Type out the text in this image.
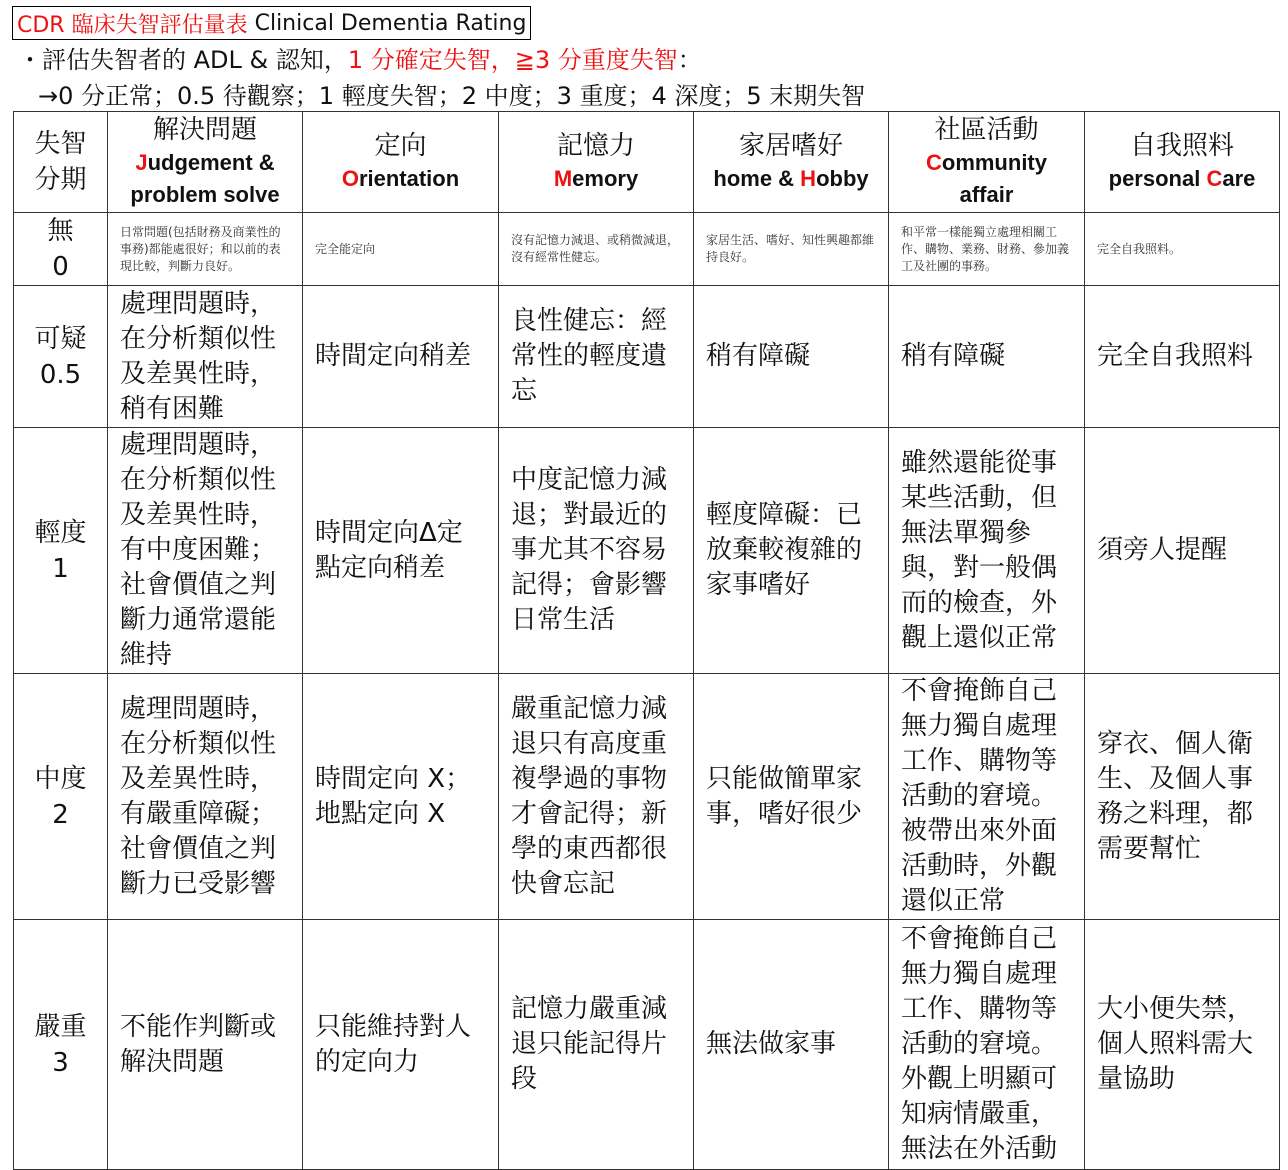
CDR 臨床失智評估量表
Clinical Dementia Rating
・評估失智者的 ADL & 認知，1 分確定失智，≧3 分重度失智：
→0 分正常；0.5 待觀察；1 輕度失智；2 中度；3 重度；4 深度；5 末期失智
失智
分期	解決問題
Judgement &
problem solve	定向
Orientation	記憶力
Memory	家居嗜好
home & Hobby	社區活動
Community
affair	自我照料
personal Care

無
0	日常問題(包括財務及商業性的事務)都能處很好；和以前的表現比較，判斷力良好。	完全能定向	沒有記憶力減退、或稍微減退，沒有經常性健忘。	家居生活、嗜好、知性興趣都維持良好。	和平常一樣能獨立處理相關工作、購物、業務、財務、參加義工及社團的事務。	完全自我照料。

可疑
0.5	處理問題時，在分析類似性及差異性時，稍有困難	時間定向稍差	良性健忘：經常性的輕度遺忘	稍有障礙	稍有障礙	完全自我照料

輕度
1	處理問題時，在分析類似性及差異性時，有中度困難；社會價值之判斷力通常還能維持	時間定向Δ定點定向稍差	中度記憶力減退；對最近的事尤其不容易記得；會影響日常生活	輕度障礙：已放棄較複雜的家事嗜好	雖然還能從事某些活動，但無法單獨參與，對一般偶而的檢查，外觀上還似正常	須旁人提醒

中度
2	處理問題時，在分析類似性及差異性時，有嚴重障礙；社會價值之判斷力已受影響	時間定向 X；地點定向 X	嚴重記憶力減退只有高度重複學過的事物才會記得；新學的東西都很快會忘記	只能做簡單家事，嗜好很少	不會掩飾自己無力獨自處理工作、購物等活動的窘境。被帶出來外面活動時，外觀還似正常	穿衣、個人衛生、及個人事務之料理，都需要幫忙

嚴重
3	不能作判斷或解決問題	只能維持對人的定向力	記憶力嚴重減退只能記得片段	無法做家事	不會掩飾自己無力獨自處理工作、購物等活動的窘境。外觀上明顯可知病情嚴重，無法在外活動	大小便失禁，個人照料需大量協助
